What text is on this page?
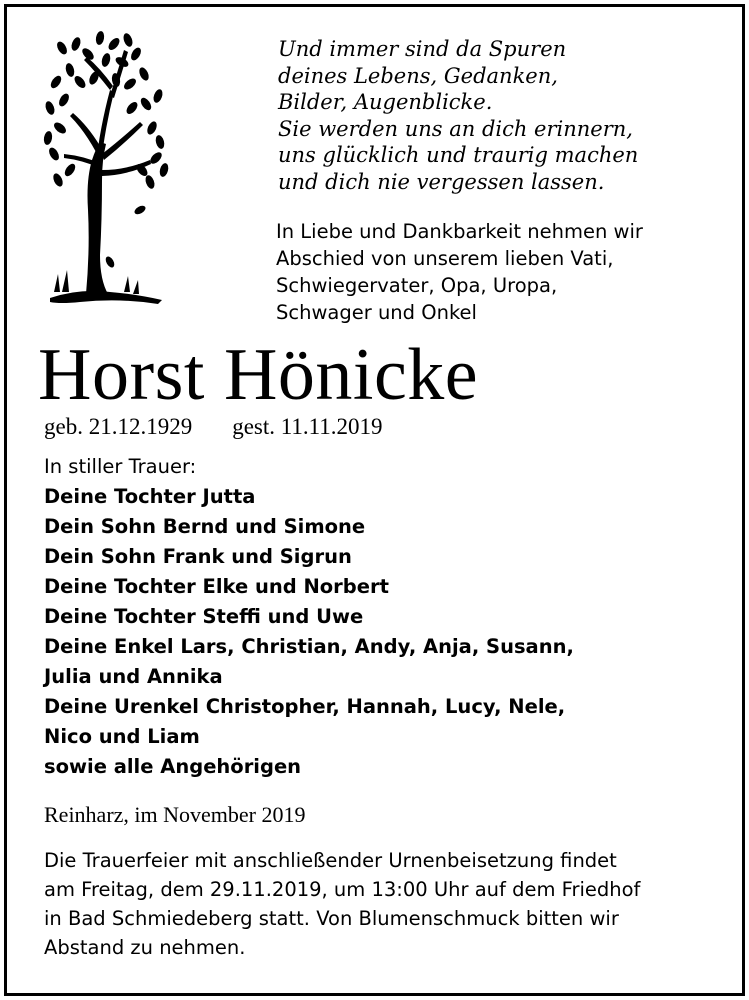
Und immer sind da Spuren
deines Lebens, Gedanken,
Bilder, Augenblicke.
Sie werden uns an dich erinnern,
uns glücklich und traurig machen
und dich nie vergessen lassen.
In Liebe und Dankbarkeit nehmen wir
Abschied von unserem lieben Vati,
Schwiegervater, Opa, Uropa,
Schwager und Onkel
Horst Hönicke
geb. 21.12.1929 gest. 11.11.2019
In stiller Trauer:
Deine Tochter Jutta
Dein Sohn Bernd und Simone
Dein Sohn Frank und Sigrun
Deine Tochter Elke und Norbert
Deine Tochter Steffi und Uwe
Deine Enkel Lars, Christian, Andy, Anja, Susann,
Julia und Annika
Deine Urenkel Christopher, Hannah, Lucy, Nele,
Nico und Liam
sowie alle Angehörigen
Reinharz, im November 2019
Die Trauerfeier mit anschließender Urnenbeisetzung findet
am Freitag, dem 29.11.2019, um 13:00 Uhr auf dem Friedhof
in Bad Schmiedeberg statt. Von Blumenschmuck bitten wir
Abstand zu nehmen.
